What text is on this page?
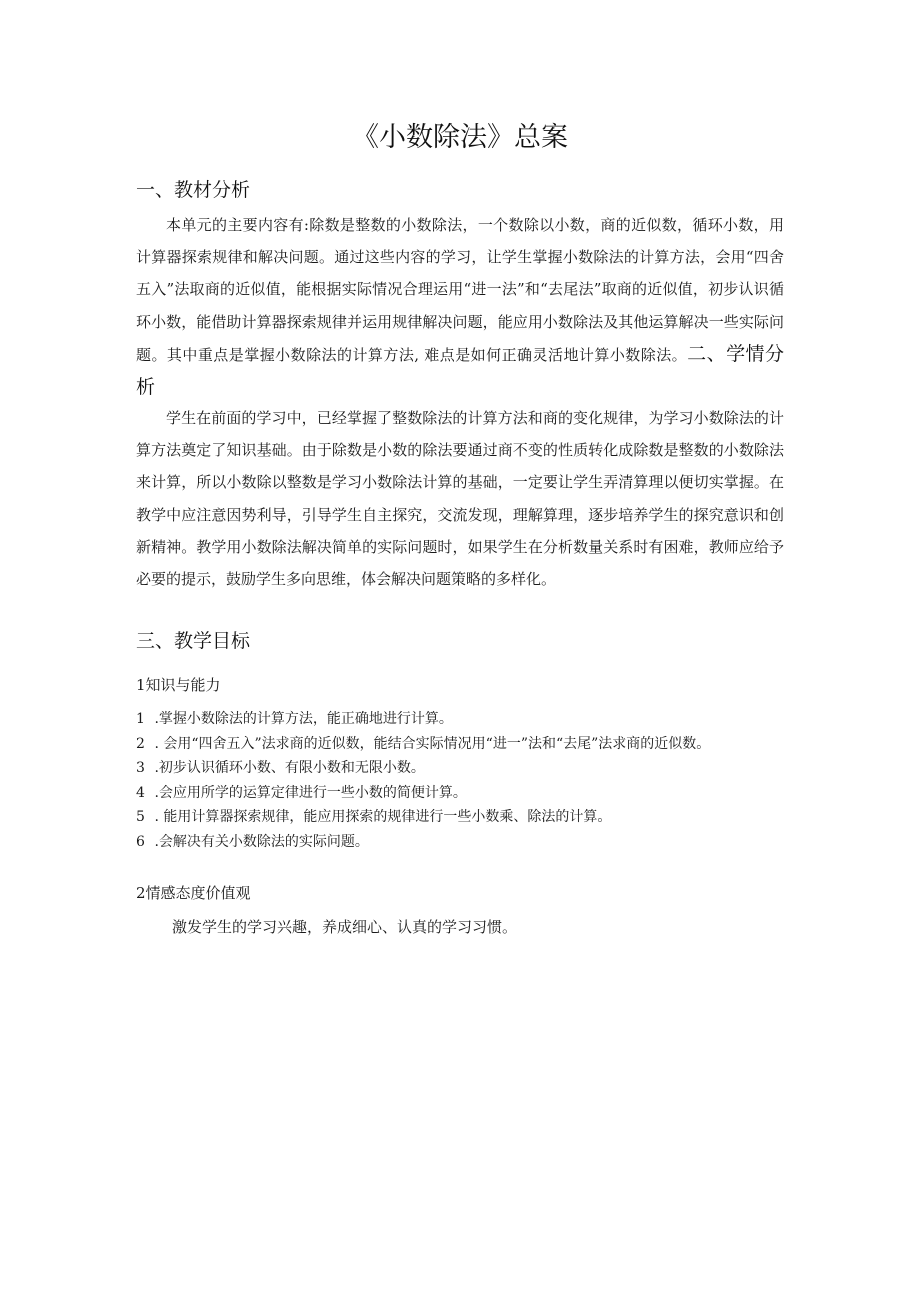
《小数除法》总案
一、教材分析
本单元的主要内容有:除数是整数的小数除法，一个数除以小数，商的近似数，循环小数，用计算器探索规律和解决问题。通过这些内容的学习，让学生掌握小数除法的计算方法，会用“四舍五入”法取商的近似值，能根据实际情况合理运用“进一法”和“去尾法”取商的近似值，初步认识循环小数，能借助计算器探索规律并运用规律解决问题，能应用小数除法及其他运算解决一些实际问题。其中重点是掌握小数除法的计算方法, 难点是如何正确灵活地计算小数除法。二、学情分析
学生在前面的学习中，已经掌握了整数除法的计算方法和商的变化规律，为学习小数除法的计算方法奠定了知识基础。由于除数是小数的除法要通过商不变的性质转化成除数是整数的小数除法来计算，所以小数除以整数是学习小数除法计算的基础，一定要让学生弄清算理以便切实掌握。在教学中应注意因势利导，引导学生自主探究，交流发现，理解算理，逐步培养学生的探究意识和创新精神。教学用小数除法解决简单的实际问题时，如果学生在分析数量关系时有困难，教师应给予必要的提示，鼓励学生多向思维，体会解决问题策略的多样化。
三、教学目标
1知识与能力
1 .掌握小数除法的计算方法，能正确地进行计算。
2 . 会用“四舍五入”法求商的近似数，能结合实际情况用“进一”法和“去尾”法求商的近似数。
3 .初步认识循环小数、有限小数和无限小数。
4 .会应用所学的运算定律进行一些小数的简便计算。
5 . 能用计算器探索规律，能应用探索的规律进行一些小数乘、除法的计算。
6 .会解决有关小数除法的实际问题。
2情感态度价值观
激发学生的学习兴趣，养成细心、认真的学习习惯。
